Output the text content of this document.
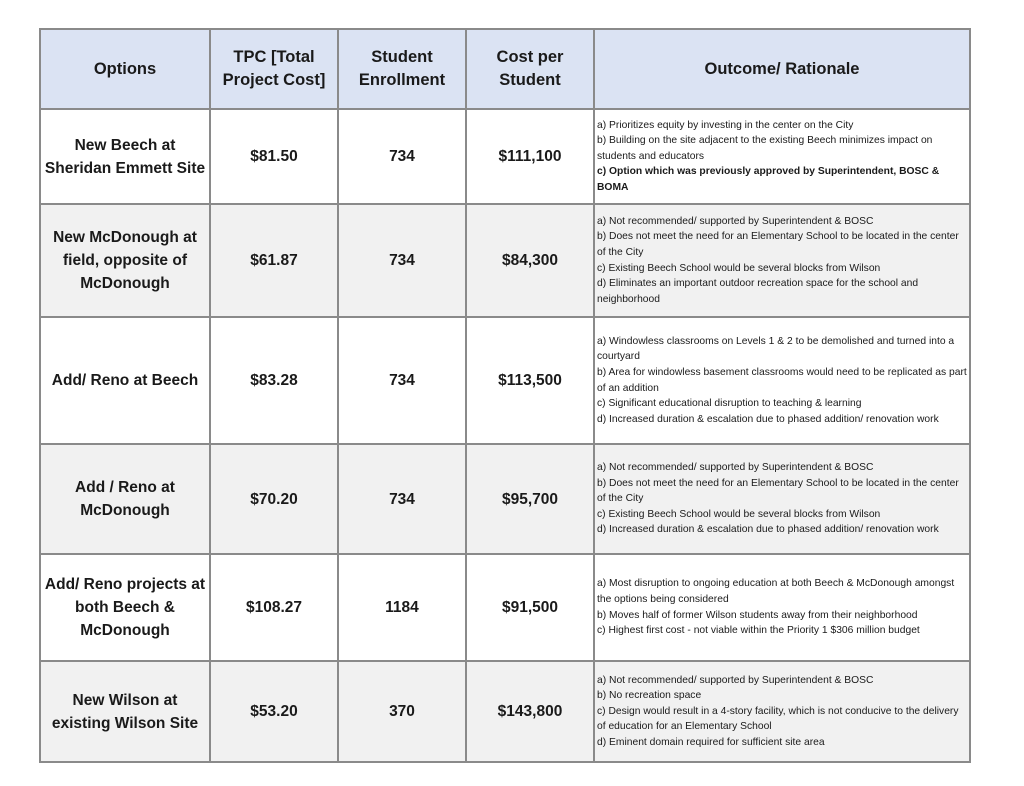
Options	TPC [Total Project Cost]	Student Enrollment	Cost per Student	Outcome/ Rationale
New Beech at Sheridan Emmett Site	$81.50	734	$111,100	a) Prioritizes equity by investing in the center on the City
b) Building on the site adjacent to the existing Beech minimizes impact on students and educators
c) Option which was previously approved by Superintendent, BOSC & BOMA

New McDonough at field, opposite of McDonough	$61.87	734	$84,300	a) Not recommended/ supported by Superintendent & BOSC
b) Does not meet the need for an Elementary School to be located in the center of the City
c) Existing Beech School would be several blocks from Wilson
d) Eliminates an important outdoor recreation space for the school and neighborhood

Add/ Reno at Beech	$83.28	734	$113,500	a) Windowless classrooms on Levels 1 & 2 to be demolished and turned into a courtyard
b) Area for windowless basement classrooms would need to be replicated as part of an addition
c) Significant educational disruption to teaching & learning
d) Increased duration & escalation due to phased addition/ renovation work

Add / Reno at McDonough	$70.20	734	$95,700	a) Not recommended/ supported by Superintendent & BOSC
b) Does not meet the need for an Elementary School to be located in the center of the City
c) Existing Beech School would be several blocks from Wilson
d) Increased duration & escalation due to phased addition/ renovation work

Add/ Reno projects at both Beech & McDonough	$108.27	1184	$91,500	a) Most disruption to ongoing education at both Beech & McDonough amongst the options being considered
b) Moves half of former Wilson students away from their neighborhood
c) Highest first cost - not viable within the Priority 1 $306 million budget

New Wilson at existing Wilson Site	$53.20	370	$143,800	a) Not recommended/ supported by Superintendent & BOSC
b) No recreation space
c) Design would result in a 4-story facility, which is not conducive to the delivery of education for an Elementary School
d) Eminent domain required for sufficient site area
